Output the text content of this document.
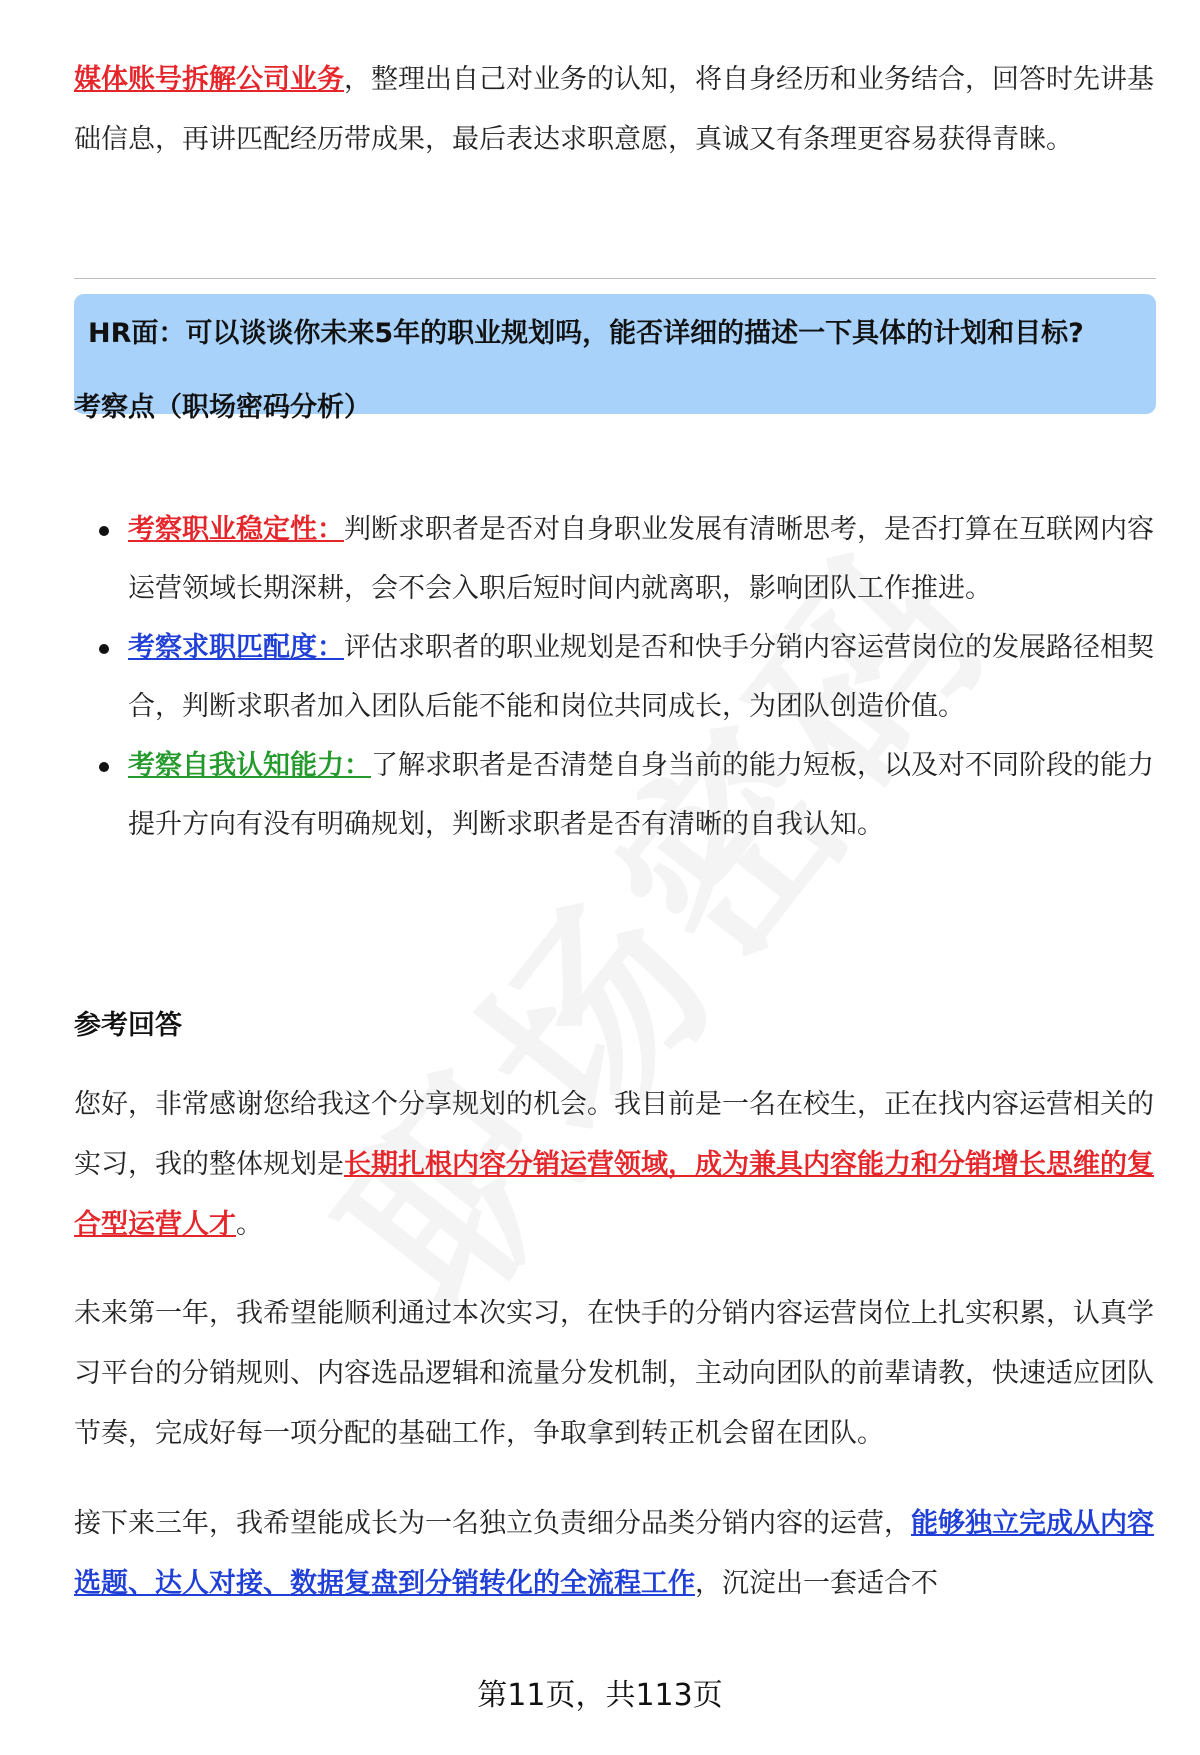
媒体账号拆解公司业务，整理出自己对业务的认知，将自身经历和业务结合，回答时先讲基础信息，再讲匹配经历带成果，最后表达求职意愿，真诚又有条理更容易获得青睐。

HR面：可以谈谈你未来5年的职业规划吗，能否详细的描述一下具体的计划和目标?

考察点（职场密码分析）

考察职业稳定性：判断求职者是否对自身职业发展有清晰思考，是否打算在互联网内容运营领域长期深耕，会不会入职后短时间内就离职，影响团队工作推进。
考察求职匹配度：评估求职者的职业规划是否和快手分销内容运营岗位的发展路径相契合，判断求职者加入团队后能不能和岗位共同成长，为团队创造价值。
考察自我认知能力：了解求职者是否清楚自身当前的能力短板，以及对不同阶段的能力提升方向有没有明确规划，判断求职者是否有清晰的自我认知。

参考回答

您好，非常感谢您给我这个分享规划的机会。我目前是一名在校生，正在找内容运营相关的实习，我的整体规划是长期扎根内容分销运营领域，成为兼具内容能力和分销增长思维的复合型运营人才。

未来第一年，我希望能顺利通过本次实习，在快手的分销内容运营岗位上扎实积累，认真学习平台的分销规则、内容选品逻辑和流量分发机制，主动向团队的前辈请教，快速适应团队节奏，完成好每一项分配的基础工作，争取拿到转正机会留在团队。

接下来三年，我希望能成长为一名独立负责细分品类分销内容的运营，能够独立完成从内容选题、达人对接、数据复盘到分销转化的全流程工作，沉淀出一套适合不

第11页，共113页
